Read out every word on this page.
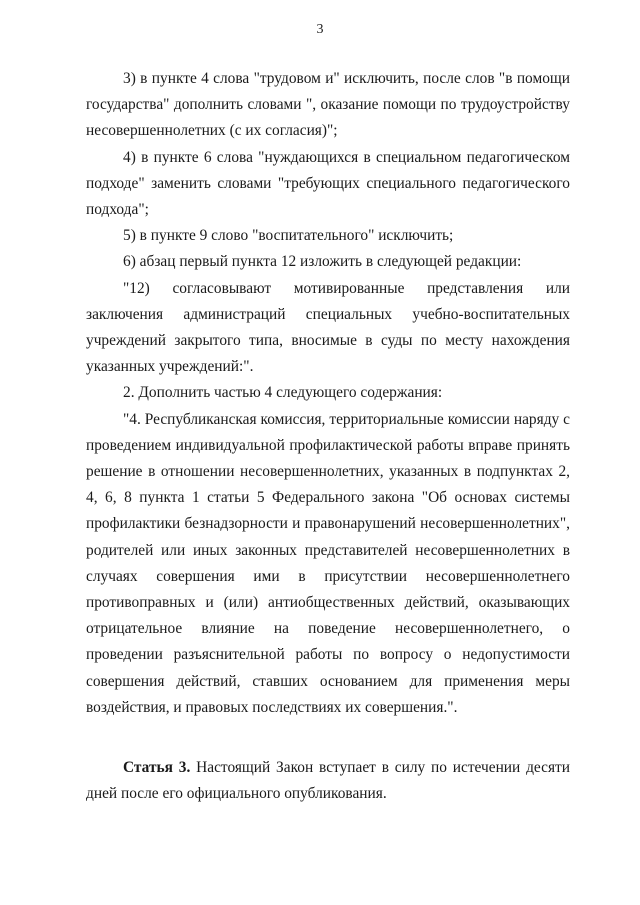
3

3) в пункте 4 слова "трудовом и" исключить, после слов "в помощи государства" дополнить словами ", оказание помощи по трудоустройству несовершеннолетних (с их согласия)";

4) в пункте 6 слова "нуждающихся в специальном педагогическом подходе" заменить словами "требующих специального педагогического подхода";

5) в пункте 9 слово "воспитательного" исключить;

6) абзац первый пункта 12 изложить в следующей редакции:

"12) согласовывают мотивированные представления или заключения администраций специальных учебно-воспитательных учреждений закрытого типа, вносимые в суды по месту нахождения указанных учреждений:".

2. Дополнить частью 4 следующего содержания:

"4. Республиканская комиссия, территориальные комиссии наряду с проведением индивидуальной профилактической работы вправе принять решение в отношении несовершеннолетних, указанных в подпунктах 2, 4, 6, 8 пункта 1 статьи 5 Федерального закона "Об основах системы профилактики безнадзорности и правонарушений несовершеннолетних", родителей или иных законных представителей несовершеннолетних в случаях совершения ими в присутствии несовершеннолетнего противоправных и (или) антиобщественных действий, оказывающих отрицательное влияние на поведение несовершеннолетнего, о проведении разъяснительной работы по вопросу о недопустимости совершения действий, ставших основанием для применения меры воздействия, и правовых последствиях их совершения.".

Статья 3. Настоящий Закон вступает в силу по истечении десяти дней после его официального опубликования.
